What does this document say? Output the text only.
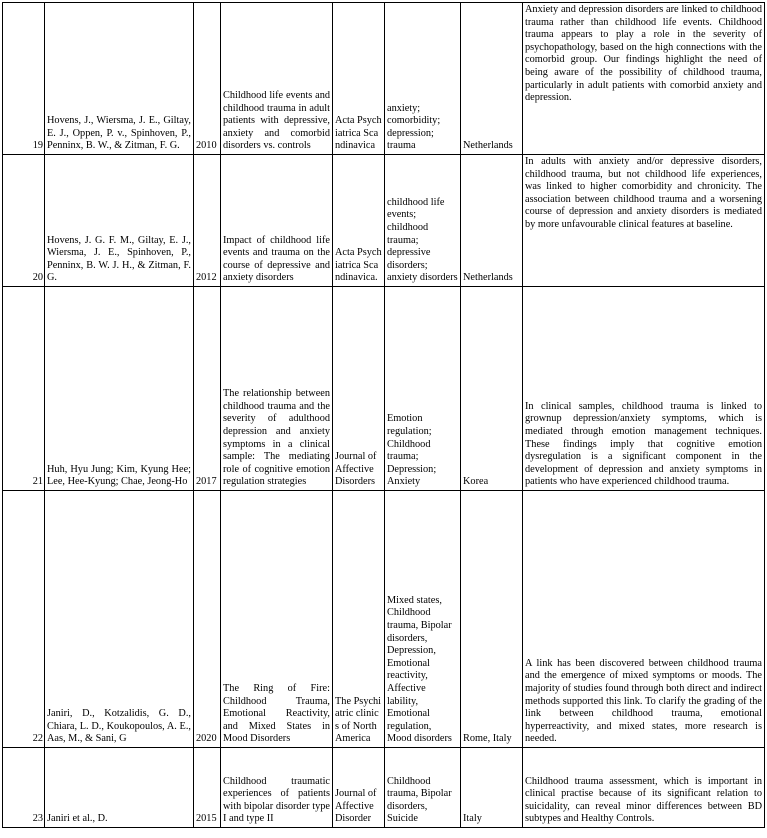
19	Hovens, J., Wiersma, J. E., Giltay, E. J., Oppen, P. v., Spinhoven, P., Penninx, B. W., & Zitman, F. G.	2010	Childhood life events and childhood trauma in adult patients with depressive, anxiety and comorbid disorders vs. controls	Acta Psychiatrica Scandinavica	anxiety; comorbidity; depression; trauma	Netherlands	Anxiety and depression disorders are linked to childhood trauma rather than childhood life events. Childhood trauma appears to play a role in the severity of psychopathology, based on the high connections with the comorbid group. Our findings highlight the need of being aware of the possibility of childhood trauma, particularly in adult patients with comorbid anxiety and depression.
20	Hovens, J. G. F. M., Giltay, E. J., Wiersma, J. E., Spinhoven, P., Penninx, B. W. J. H., & Zitman, F. G.	2012	Impact of childhood life events and trauma on the course of depressive and anxiety disorders	Acta Psychiatrica Scandinavica.	childhood life events; childhood trauma; depressive disorders; anxiety disorders	Netherlands	In adults with anxiety and/or depressive disorders, childhood trauma, but not childhood life experiences, was linked to higher comorbidity and chronicity. The association between childhood trauma and a worsening course of depression and anxiety disorders is mediated by more unfavourable clinical features at baseline.
21	Huh, Hyu Jung; Kim, Kyung Hee; Lee, Hee-Kyung; Chae, Jeong-Ho	2017	The relationship between childhood trauma and the severity of adulthood depression and anxiety symptoms in a clinical sample: The mediating role of cognitive emotion regulation strategies	Journal of Affective Disorders	Emotion regulation; Childhood trauma; Depression; Anxiety	Korea	In clinical samples, childhood trauma is linked to grownup depression/anxiety symptoms, which is mediated through emotion management techniques. These findings imply that cognitive emotion dysregulation is a significant component in the development of depression and anxiety symptoms in patients who have experienced childhood trauma.
22	Janiri, D., Kotzalidis, G. D., Chiara, L. D., Koukopoulos, A. E., Aas, M., & Sani, G	2020	The Ring of Fire: Childhood Trauma, Emotional Reactivity, and Mixed States in Mood Disorders	The Psychiatric clinics of North America	Mixed states, Childhood trauma, Bipolar disorders, Depression, Emotional reactivity, Affective lability, Emotional regulation, Mood disorders	Rome, Italy	A link has been discovered between childhood trauma and the emergence of mixed symptoms or moods. The majority of studies found through both direct and indirect methods supported this link. To clarify the grading of the link between childhood trauma, emotional hyperreactivity, and mixed states, more research is needed.
23	Janiri et al., D.	2015	Childhood traumatic experiences of patients with bipolar disorder type I and type II	Journal of Affective Disorder	Childhood trauma, Bipolar disorders, Suicide	Italy	Childhood trauma assessment, which is important in clinical practise because of its significant relation to suicidality, can reveal minor differences between BD subtypes and Healthy Controls.
